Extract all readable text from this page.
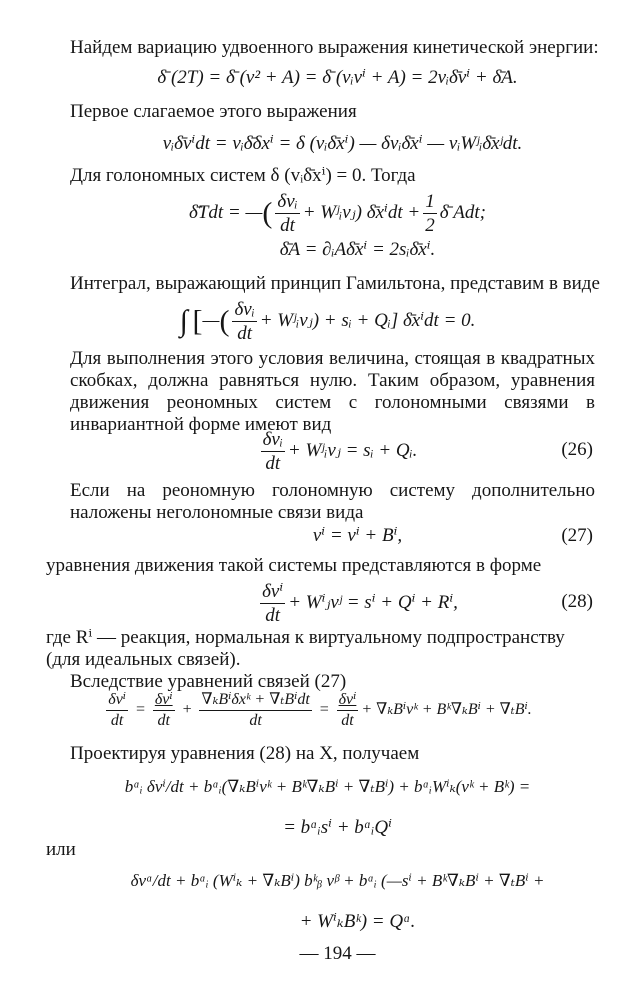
Найдем вариацию удвоенного выражения кинетической энергии:
δ̄ (2T) = δ̄ (v² + A) = δ̄ (vᵢvⁱ + A) = 2vᵢδ̄vⁱ + δ̄A.
Первое слагаемое этого выражения
vᵢδ̄vⁱdt = vᵢδ̄δxⁱ = δ (vᵢδ̄xⁱ) — δvᵢδ̄xⁱ — vᵢWʲᵢδ̄xʲdt.
Для голономных систем δ (vᵢδ̄xⁱ) = 0. Тогда
δ̄Tdt = —( $\frac{\text{δvᵢ}}{dt}$ + Wʲᵢvⱼ) δ̄xⁱdt + $\frac{1}{2}$ δ̄ Adt;
δ̄A = ∂ᵢAδ̄xⁱ = 2sᵢδ̄xⁱ.
Интеграл, выражающий принцип Гамильтона, представим в виде
∫ [—( $\frac{\text{δvᵢ}}{dt}$ + Wʲᵢvⱼ) + sᵢ + Qᵢ] δ̄xⁱdt = 0.
Для выполнения этого условия величина, стоящая в квадратных скобках, должна равняться нулю. Таким образом, уравнения движения реономных систем с голономными связями в инвариантной форме имеют вид
$\frac{\text{δvᵢ}}{dt}$ + Wʲᵢvⱼ = sᵢ + Qᵢ.	(26)
Если на реономную голономную систему дополнительно наложены неголономные связи вида
vⁱ = vⁱ + Bⁱ,	(27)
уравнения движения такой системы представляются в форме
$\frac{\text{δvⁱ}}{dt}$ + Wⁱⱼvʲ = sⁱ + Qⁱ + Rⁱ,	(28)
где Rⁱ — реакция, нормальная к виртуальному подпространству
(для идеальных связей).
Вследствие уравнений связей (27)
$\frac{\text{δvⁱ}}{dt} = \frac{\text{δvⁱ}}{dt} + \frac{\text{∇ₖBⁱδxᵏ + ∇ₜBⁱdt}}{dt} = \frac{\text{δvⁱ}}{dt}$ + ∇ₖBⁱvᵏ + Bᵏ∇ₖBⁱ + ∇ₜBⁱ.
Проектируя уравнения (28) на X, получаем
bᵅᵢ δvⁱ/dt + bᵅᵢ(∇ₖBⁱvᵏ + Bᵏ∇ₖBⁱ + ∇ₜBⁱ) + bᵅᵢWⁱₖ(vᵏ + Bᵏ) =
= bᵅᵢsⁱ + bᵅᵢQⁱ
или
δvᵅ/dt + bᵅᵢ (Wⁱₖ + ∇ₖBⁱ) bᵏᵦ vᵝ + bᵅᵢ (—sⁱ + Bᵏ∇ₖBⁱ + ∇ₜBⁱ +
+ WⁱₖBᵏ) = Qᵅ.
— 194 —
